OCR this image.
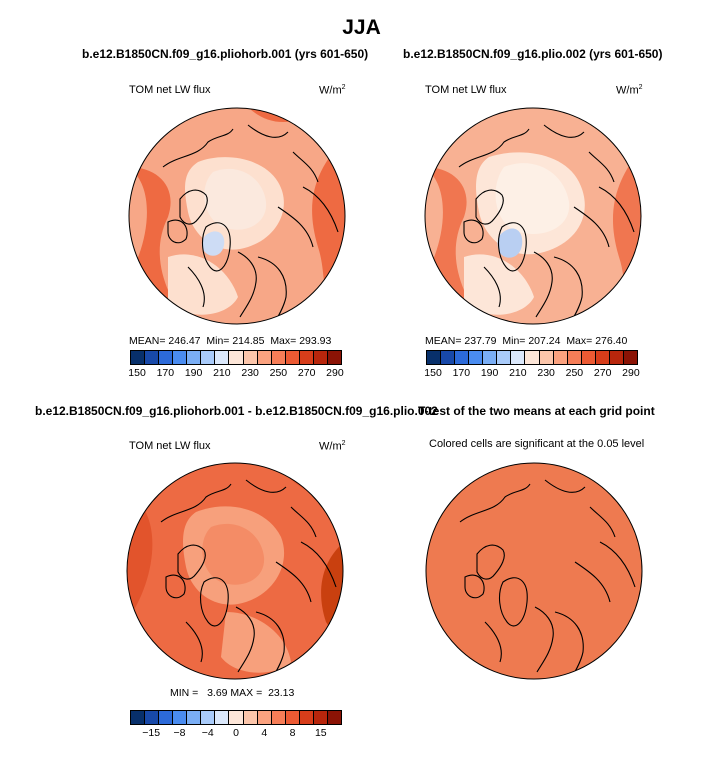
JJA
b.e12.B1850CN.f09_g16.pliohorb.001 (yrs 601-650)
TOM net LW flux	$W/m^2$
MEAN= 246.47 Min= 214.85 Max= 293.93
150 170 190 210 230 250 270 290
b.e12.B1850CN.f09_g16.plio.002 (yrs 601-650)
TOM net LW flux	$W/m^2$
MEAN= 237.79 Min= 207.24 Max= 276.40
150 170 190 210 230 250 270 290
b.e12.B1850CN.f09_g16.pliohorb.001 - b.e12.B1850CN.f09_g16.plio.002
TOM net LW flux	$W/m^2$
MIN = 3.69 MAX = 23.13
−15 −8 −4 0 4 8 15
T-test of the two means at each grid point
Colored cells are significant at the 0.05 level
